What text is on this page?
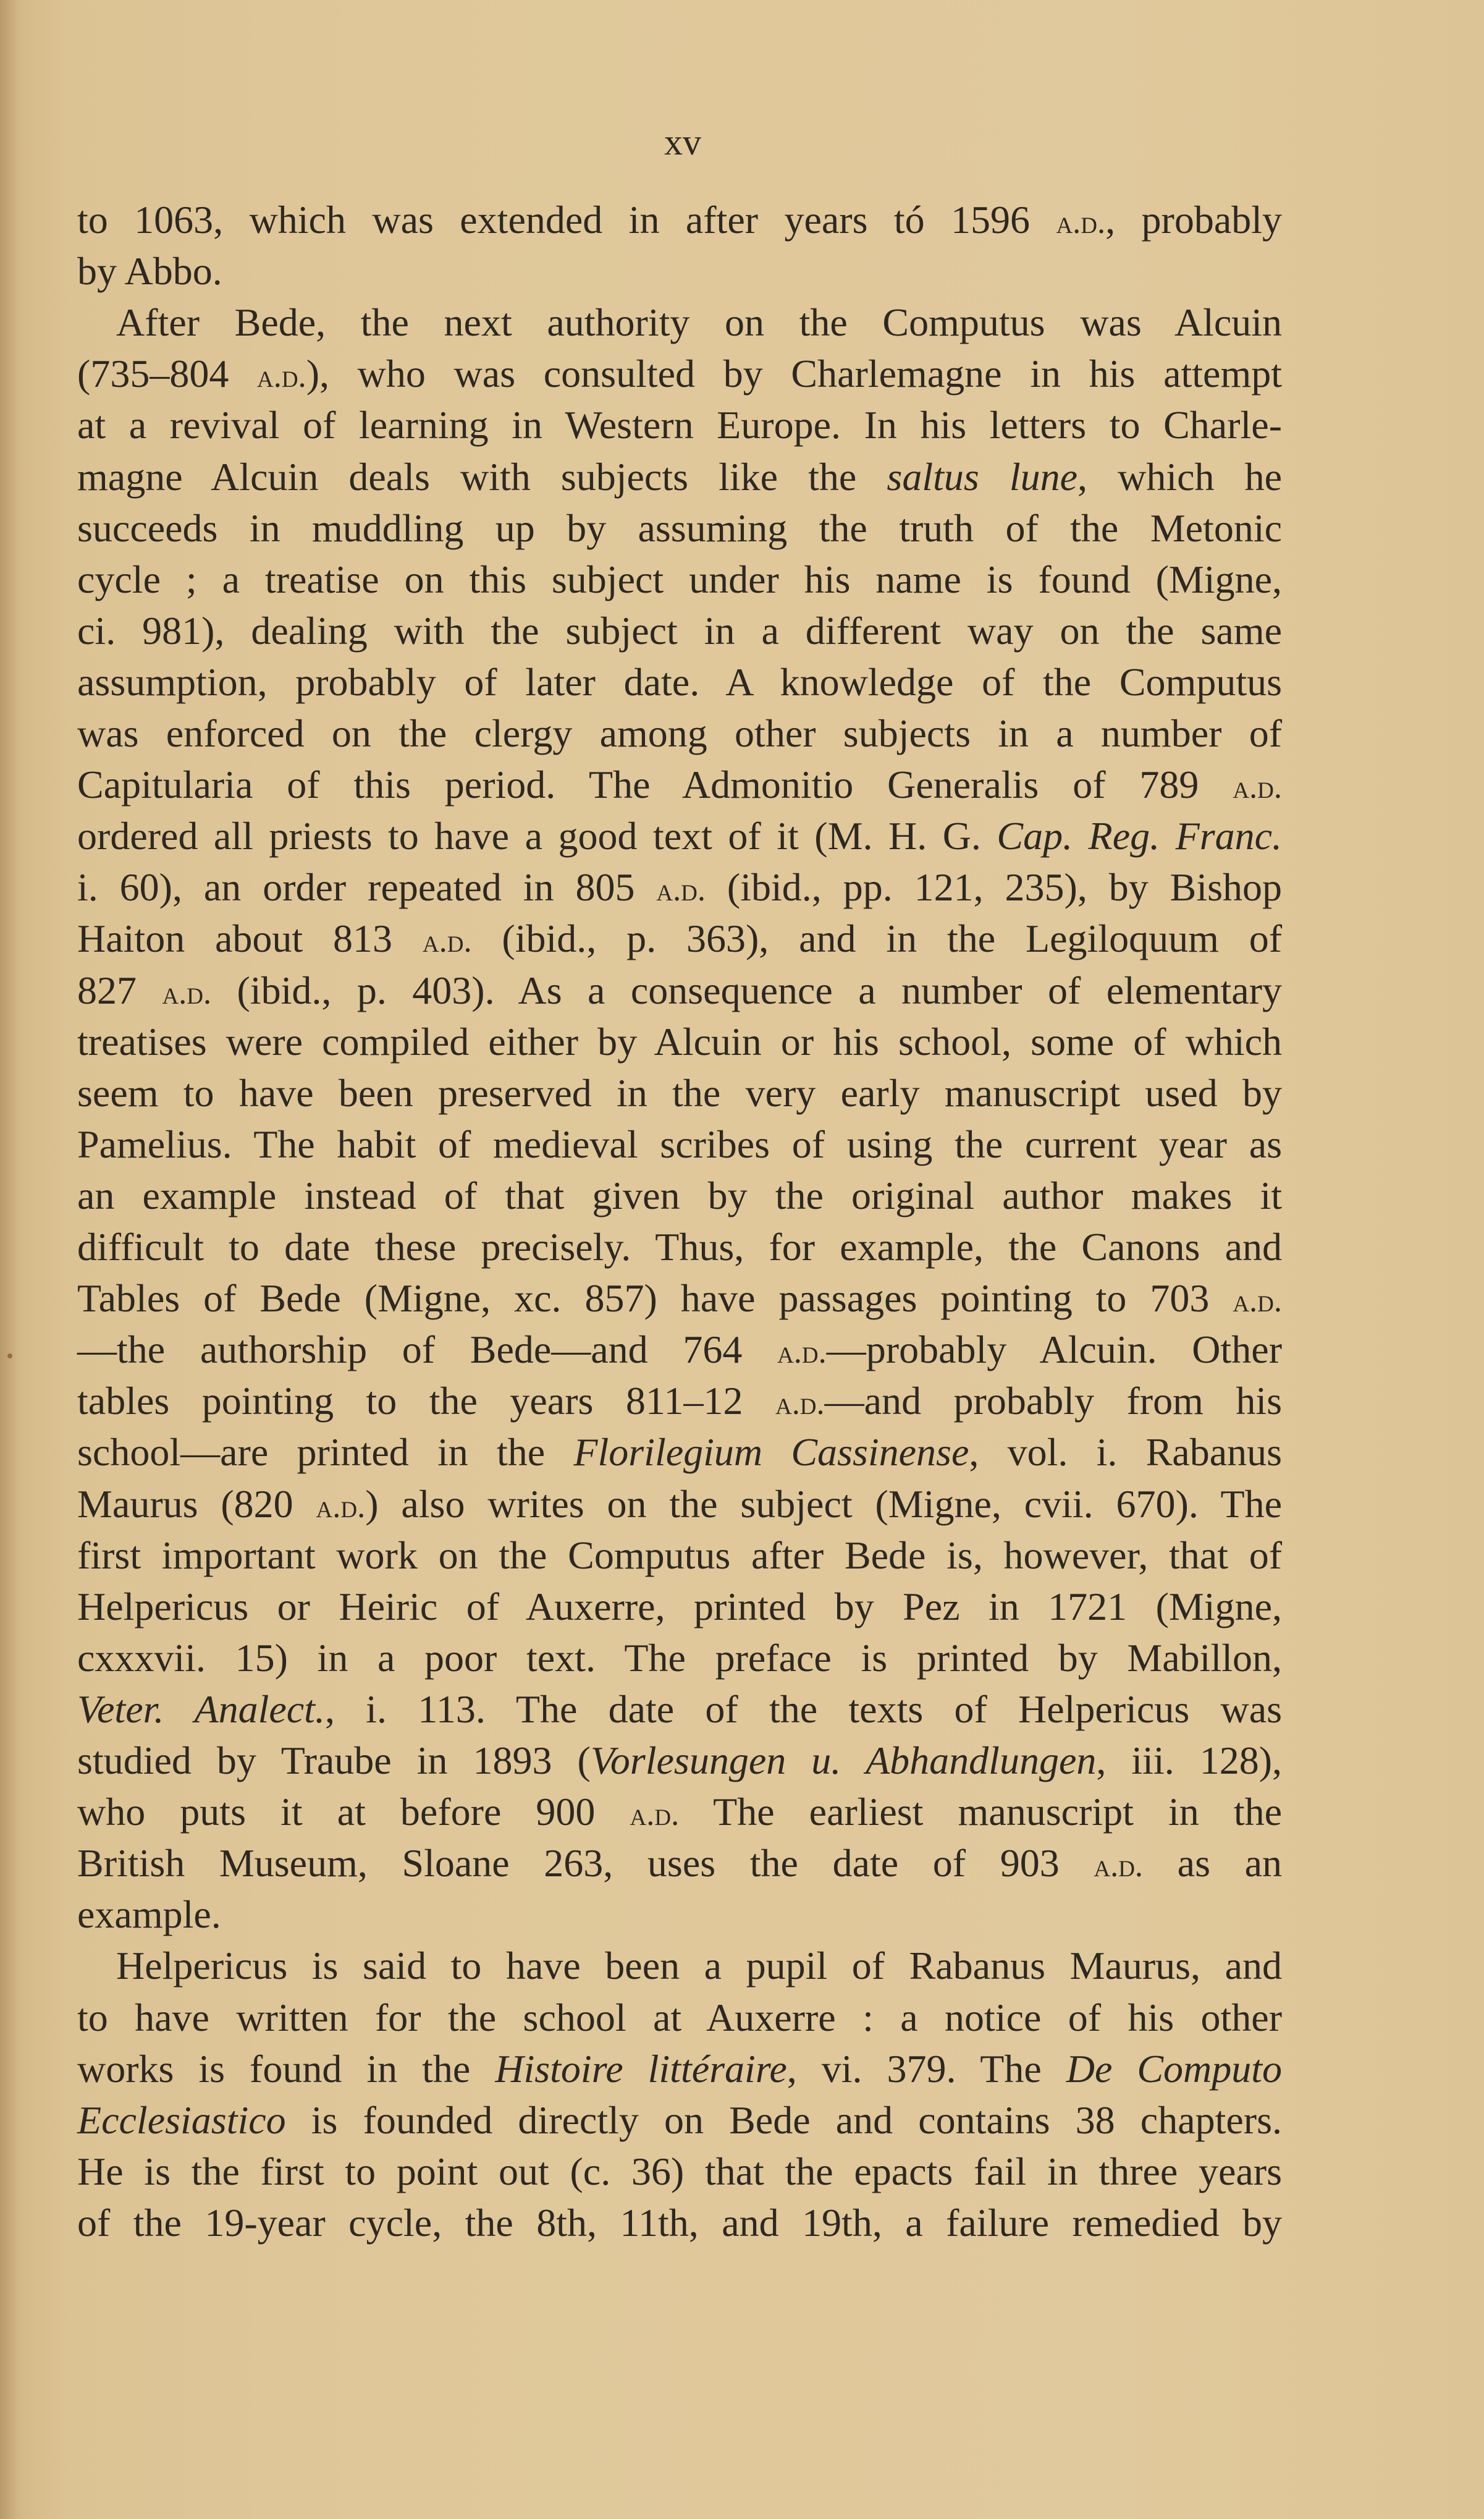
xv
to 1063, which was extended in after years tó 1596 a.d., probably
by Abbo.
After Bede, the next authority on the Computus was Alcuin
(735–804 a.d.), who was consulted by Charlemagne in his attempt
at a revival of learning in Western Europe. In his letters to Charle-
magne Alcuin deals with subjects like the saltus lune, which he
succeeds in muddling up by assuming the truth of the Metonic
cycle ; a treatise on this subject under his name is found (Migne,
ci. 981), dealing with the subject in a different way on the same
assumption, probably of later date. A knowledge of the Computus
was enforced on the clergy among other subjects in a number of
Capitularia of this period. The Admonitio Generalis of 789 a.d.
ordered all priests to have a good text of it (M. H. G. Cap. Reg. Franc.
i. 60), an order repeated in 805 a.d. (ibid., pp. 121, 235), by Bishop
Haiton about 813 a.d. (ibid., p. 363), and in the Legiloquum of
827 a.d. (ibid., p. 403). As a consequence a number of elementary
treatises were compiled either by Alcuin or his school, some of which
seem to have been preserved in the very early manuscript used by
Pamelius. The habit of medieval scribes of using the current year as
an example instead of that given by the original author makes it
difficult to date these precisely. Thus, for example, the Canons and
Tables of Bede (Migne, xc. 857) have passages pointing to 703 a.d.
—the authorship of Bede—and 764 a.d.—probably Alcuin. Other
tables pointing to the years 811–12 a.d.—and probably from his
school—are printed in the Florilegium Cassinense, vol. i. Rabanus
Maurus (820 a.d.) also writes on the subject (Migne, cvii. 670). The
first important work on the Computus after Bede is, however, that of
Helpericus or Heiric of Auxerre, printed by Pez in 1721 (Migne,
cxxxvii. 15) in a poor text. The preface is printed by Mabillon,
Veter. Analect., i. 113. The date of the texts of Helpericus was
studied by Traube in 1893 (Vorlesungen u. Abhandlungen, iii. 128),
who puts it at before 900 a.d. The earliest manuscript in the
British Museum, Sloane 263, uses the date of 903 a.d. as an
example.
Helpericus is said to have been a pupil of Rabanus Maurus, and
to have written for the school at Auxerre : a notice of his other
works is found in the Histoire littéraire, vi. 379. The De Computo
Ecclesiastico is founded directly on Bede and contains 38 chapters.
He is the first to point out (c. 36) that the epacts fail in three years
of the 19-year cycle, the 8th, 11th, and 19th, a failure remedied by
